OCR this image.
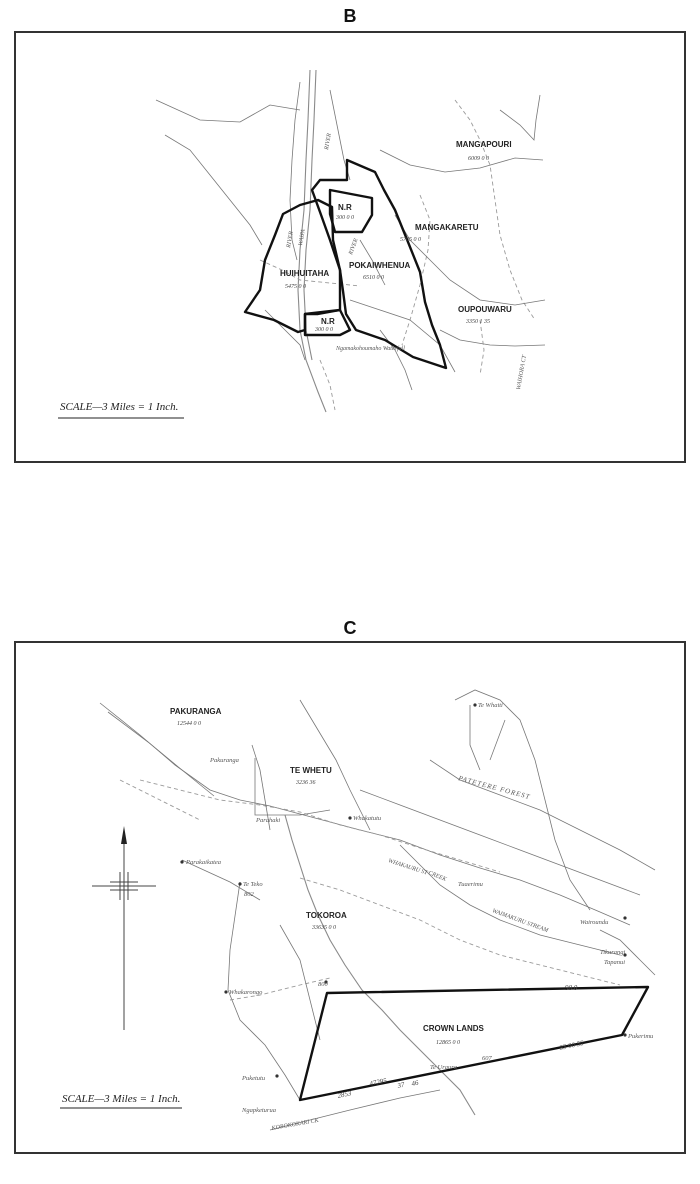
B
MANGAPOURI
6009 0 0
MANGAKARETU
5705 0 0
POKAIWHENUA
6510 0 0
HUIHUITAHA
5475 0 0
N.R
300 0 0
N.R
300 0 0
OUPOUWARU
3350 1 35
RIVER
RIVER
WAIPA
RIVER
Ngamakohoumaho Waterfall
WAIHORA CT
SCALE—3 Miles = 1 Inch.
C
PAKURANGA
12544 0 0
TE WHETU
3236 36
TOKOROA
33635 0 0
CROWN LANDS
12865 0 0
Te Whaiti
Pakuranga
Whakatutu
Parahaki
Parakaikatea
Te Teko
802
Tuaerimu
Wairoundu
Tikurangi
Tapanui
Whakarongo
Puketutu
Ngapketurua
Pukerimu
Te Uraura
800
607
PATETERE FOREST
WHAKAURU ST
WAIMAKURU STREAM
CREEK
KOROKOKARI CK
47295
2853
37 46
33 00 55
90 0
SCALE—3 Miles = 1 Inch.
